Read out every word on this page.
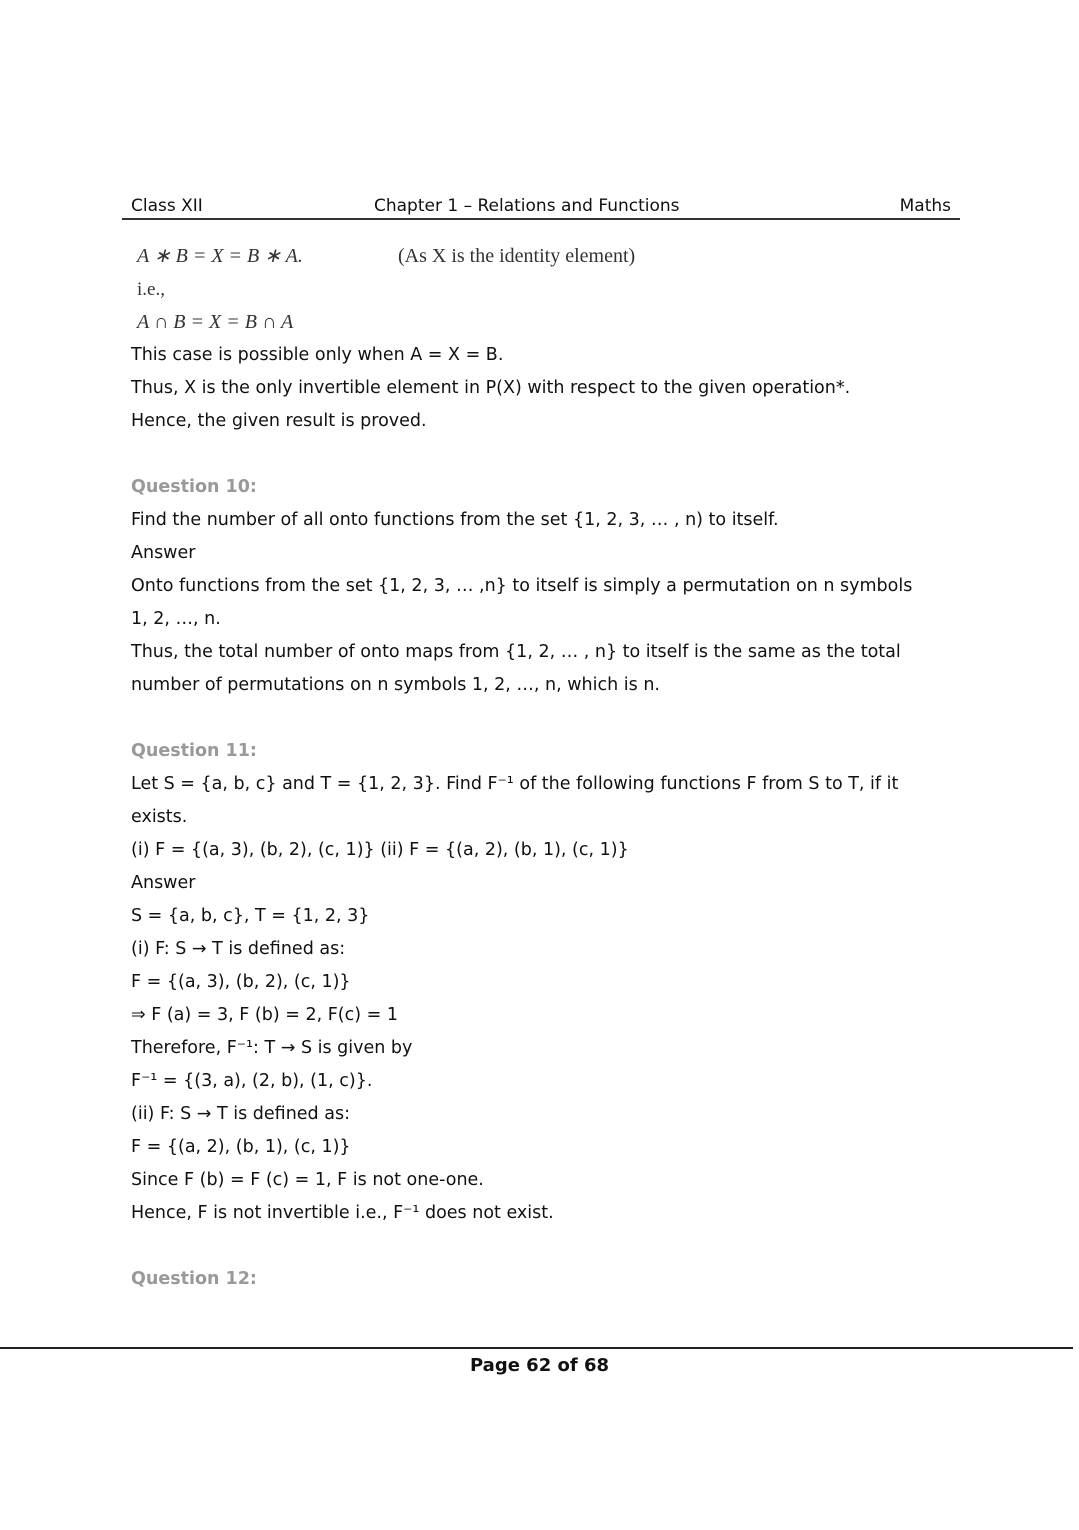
Class XII	Chapter 1 – Relations and Functions	Maths
A ∗ B = X = B ∗ A.	(As X is the identity element)
i.e.,
A ∩ B = X = B ∩ A
This case is possible only when A = X = B.
Thus, X is the only invertible element in P(X) with respect to the given operation*.
Hence, the given result is proved.
Question 10:
Find the number of all onto functions from the set {1, 2, 3, … , n) to itself.
Answer
Onto functions from the set {1, 2, 3, … ,n} to itself is simply a permutation on n symbols
1, 2, …, n.
Thus, the total number of onto maps from {1, 2, … , n} to itself is the same as the total
number of permutations on n symbols 1, 2, …, n, which is n.
Question 11:
Let S = {a, b, c} and T = {1, 2, 3}. Find F⁻¹ of the following functions F from S to T, if it
exists.
(i) F = {(a, 3), (b, 2), (c, 1)} (ii) F = {(a, 2), (b, 1), (c, 1)}
Answer
S = {a, b, c}, T = {1, 2, 3}
(i) F: S → T is defined as:
F = {(a, 3), (b, 2), (c, 1)}
⇒ F (a) = 3, F (b) = 2, F(c) = 1
Therefore, F⁻¹: T → S is given by
F⁻¹ = {(3, a), (2, b), (1, c)}.
(ii) F: S → T is defined as:
F = {(a, 2), (b, 1), (c, 1)}
Since F (b) = F (c) = 1, F is not one-one.
Hence, F is not invertible i.e., F⁻¹ does not exist.
Question 12:
Page 62 of 68
